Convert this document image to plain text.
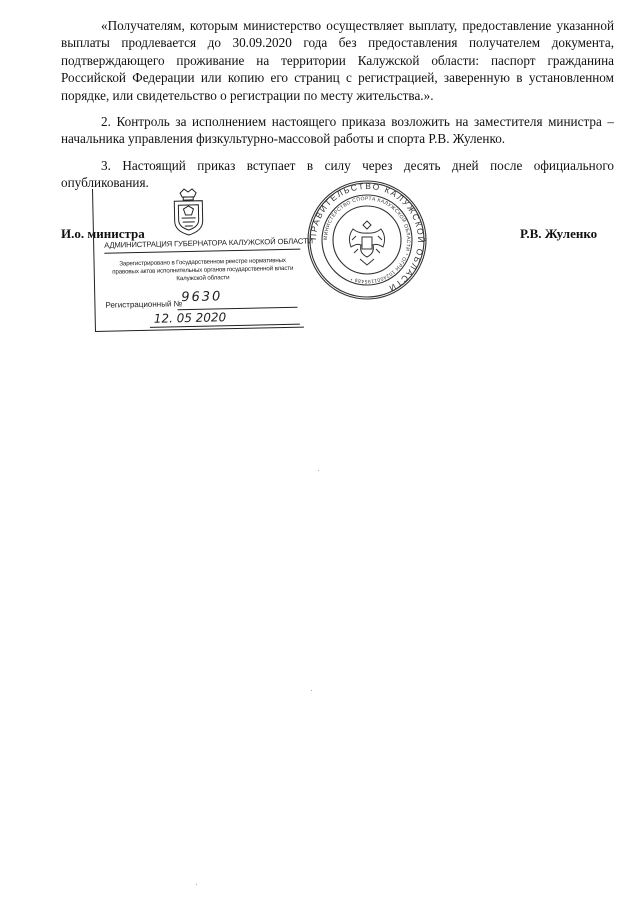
«Получателям, которым министерство осуществляет выплату, предоставление указанной выплаты продлевается до 30.09.2020 года без предоставления получателем документа, подтверждающего проживание на территории Калужской области: паспорт гражданина Российской Федерации или копию его страниц с регистрацией, заверенную в установленном порядке, или свидетельство о регистрации по месту жительства.».

2. Контроль за исполнением настоящего приказа возложить на заместителя министра – начальника управления физкультурно-массовой работы и спорта Р.В. Жуленко.

3. Настоящий приказ вступает в силу через десять дней после официального опубликования.

И.о. министра	Р.В. Жуленко
АДМИНИСТРАЦИЯ ГУБЕРНАТОРА КАЛУЖСКОЙ ОБЛАСТИ
Зарегистрировано в Государственном реестре нормативных правовых актов исполнительных органов государственной власти Калужской области
Регистрационный №
9630
12. 05 2020
ПРАВИТЕЛЬСТВО КАЛУЖСКОЙ ОБЛАСТИ
МИНИСТЕРСТВО СПОРТА КАЛУЖСКОЙ ОБЛАСТИ * ОГРН 1024001195489 *
